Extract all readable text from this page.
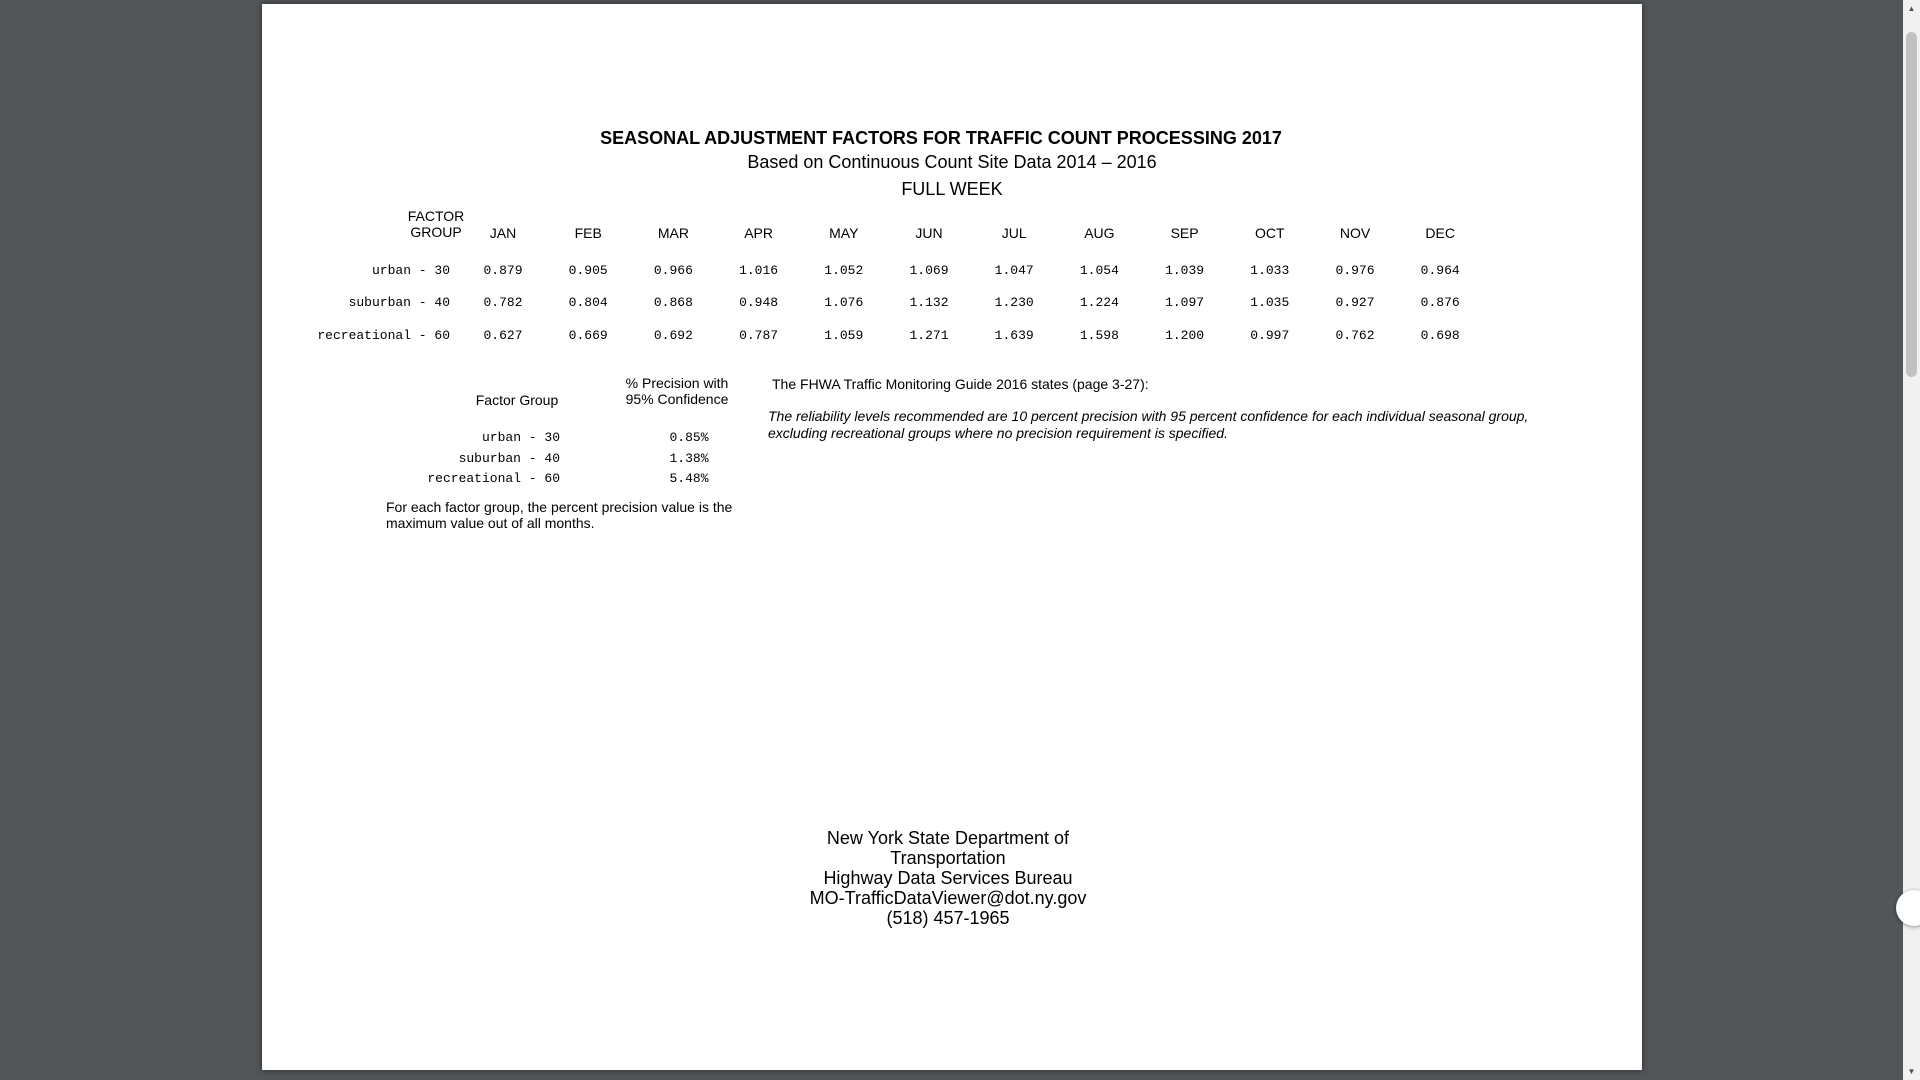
SEASONAL ADJUSTMENT FACTORS FOR TRAFFIC COUNT PROCESSING 2017
Based on Continuous Count Site Data 2014 – 2016
FULL WEEK
FACTOR GROUP	JAN	FEB	MAR	APR	MAY	JUN	JUL	AUG	SEP	OCT	NOV	DEC
urban - 30	0.879	0.905	0.966	1.016	1.052	1.069	1.047	1.054	1.039	1.033	0.976	0.964
suburban - 40	0.782	0.804	0.868	0.948	1.076	1.132	1.230	1.224	1.097	1.035	0.927	0.876
recreational - 60	0.627	0.669	0.692	0.787	1.059	1.271	1.639	1.598	1.200	0.997	0.762	0.698
Factor Group
% Precision with 95% Confidence
urban - 30	0.85%
suburban - 40	1.38%
recreational - 60	5.48%
For each factor group, the percent precision value is the maximum value out of all months.
The FHWA Traffic Monitoring Guide 2016 states (page 3-27):
The reliability levels recommended are 10 percent precision with 95 percent confidence for each individual seasonal group, excluding recreational groups where no precision requirement is specified.
New York State Department of
Transportation
Highway Data Services Bureau
MO-TrafficDataViewer@dot.ny.gov
(518) 457-1965
▲
▼
